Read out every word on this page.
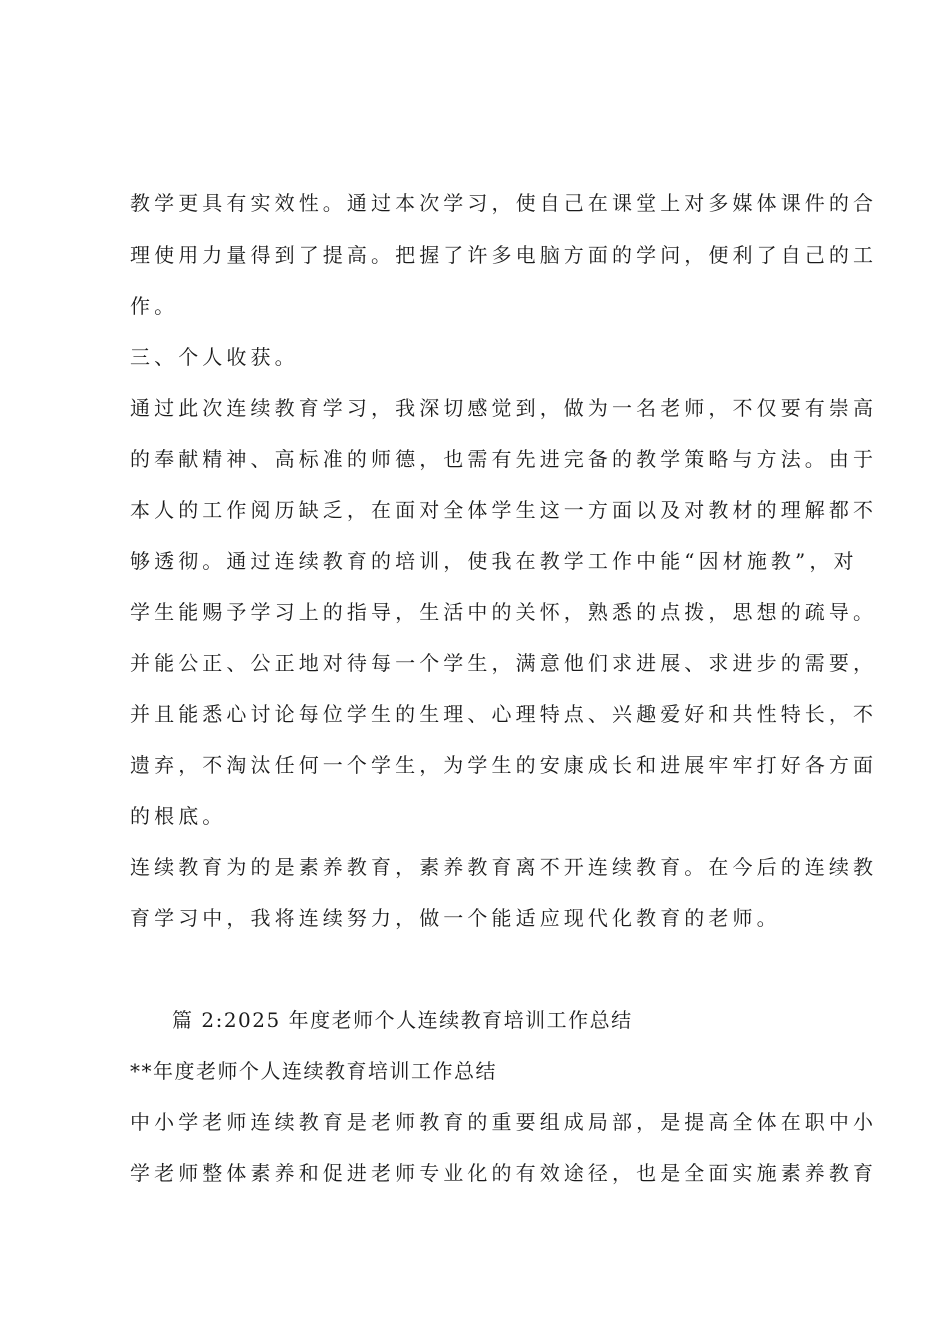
教学更具有实效性。通过本次学习，使自己在课堂上对多媒体课件的合
理使用力量得到了提高。把握了许多电脑方面的学问，便利了自己的工
作。
三、个人收获。
通过此次连续教育学习，我深切感觉到，做为一名老师，不仅要有崇高
的奉献精神、高标准的师德，也需有先进完备的教学策略与方法。由于
本人的工作阅历缺乏，在面对全体学生这一方面以及对教材的理解都不
够透彻。通过连续教育的培训，使我在教学工作中能“因材施教”，对
学生能赐予学习上的指导，生活中的关怀，熟悉的点拨，思想的疏导。
并能公正、公正地对待每一个学生，满意他们求进展、求进步的需要，
并且能悉心讨论每位学生的生理、心理特点、兴趣爱好和共性特长，不
遗弃，不淘汰任何一个学生，为学生的安康成长和进展牢牢打好各方面
的根底。
连续教育为的是素养教育，素养教育离不开连续教育。在今后的连续教
育学习中，我将连续努力，做一个能适应现代化教育的老师。
篇 2:2025 年度老师个人连续教育培训工作总结
**年度老师个人连续教育培训工作总结
中小学老师连续教育是老师教育的重要组成局部，是提高全体在职中小
学老师整体素养和促进老师专业化的有效途径，也是全面实施素养教育
